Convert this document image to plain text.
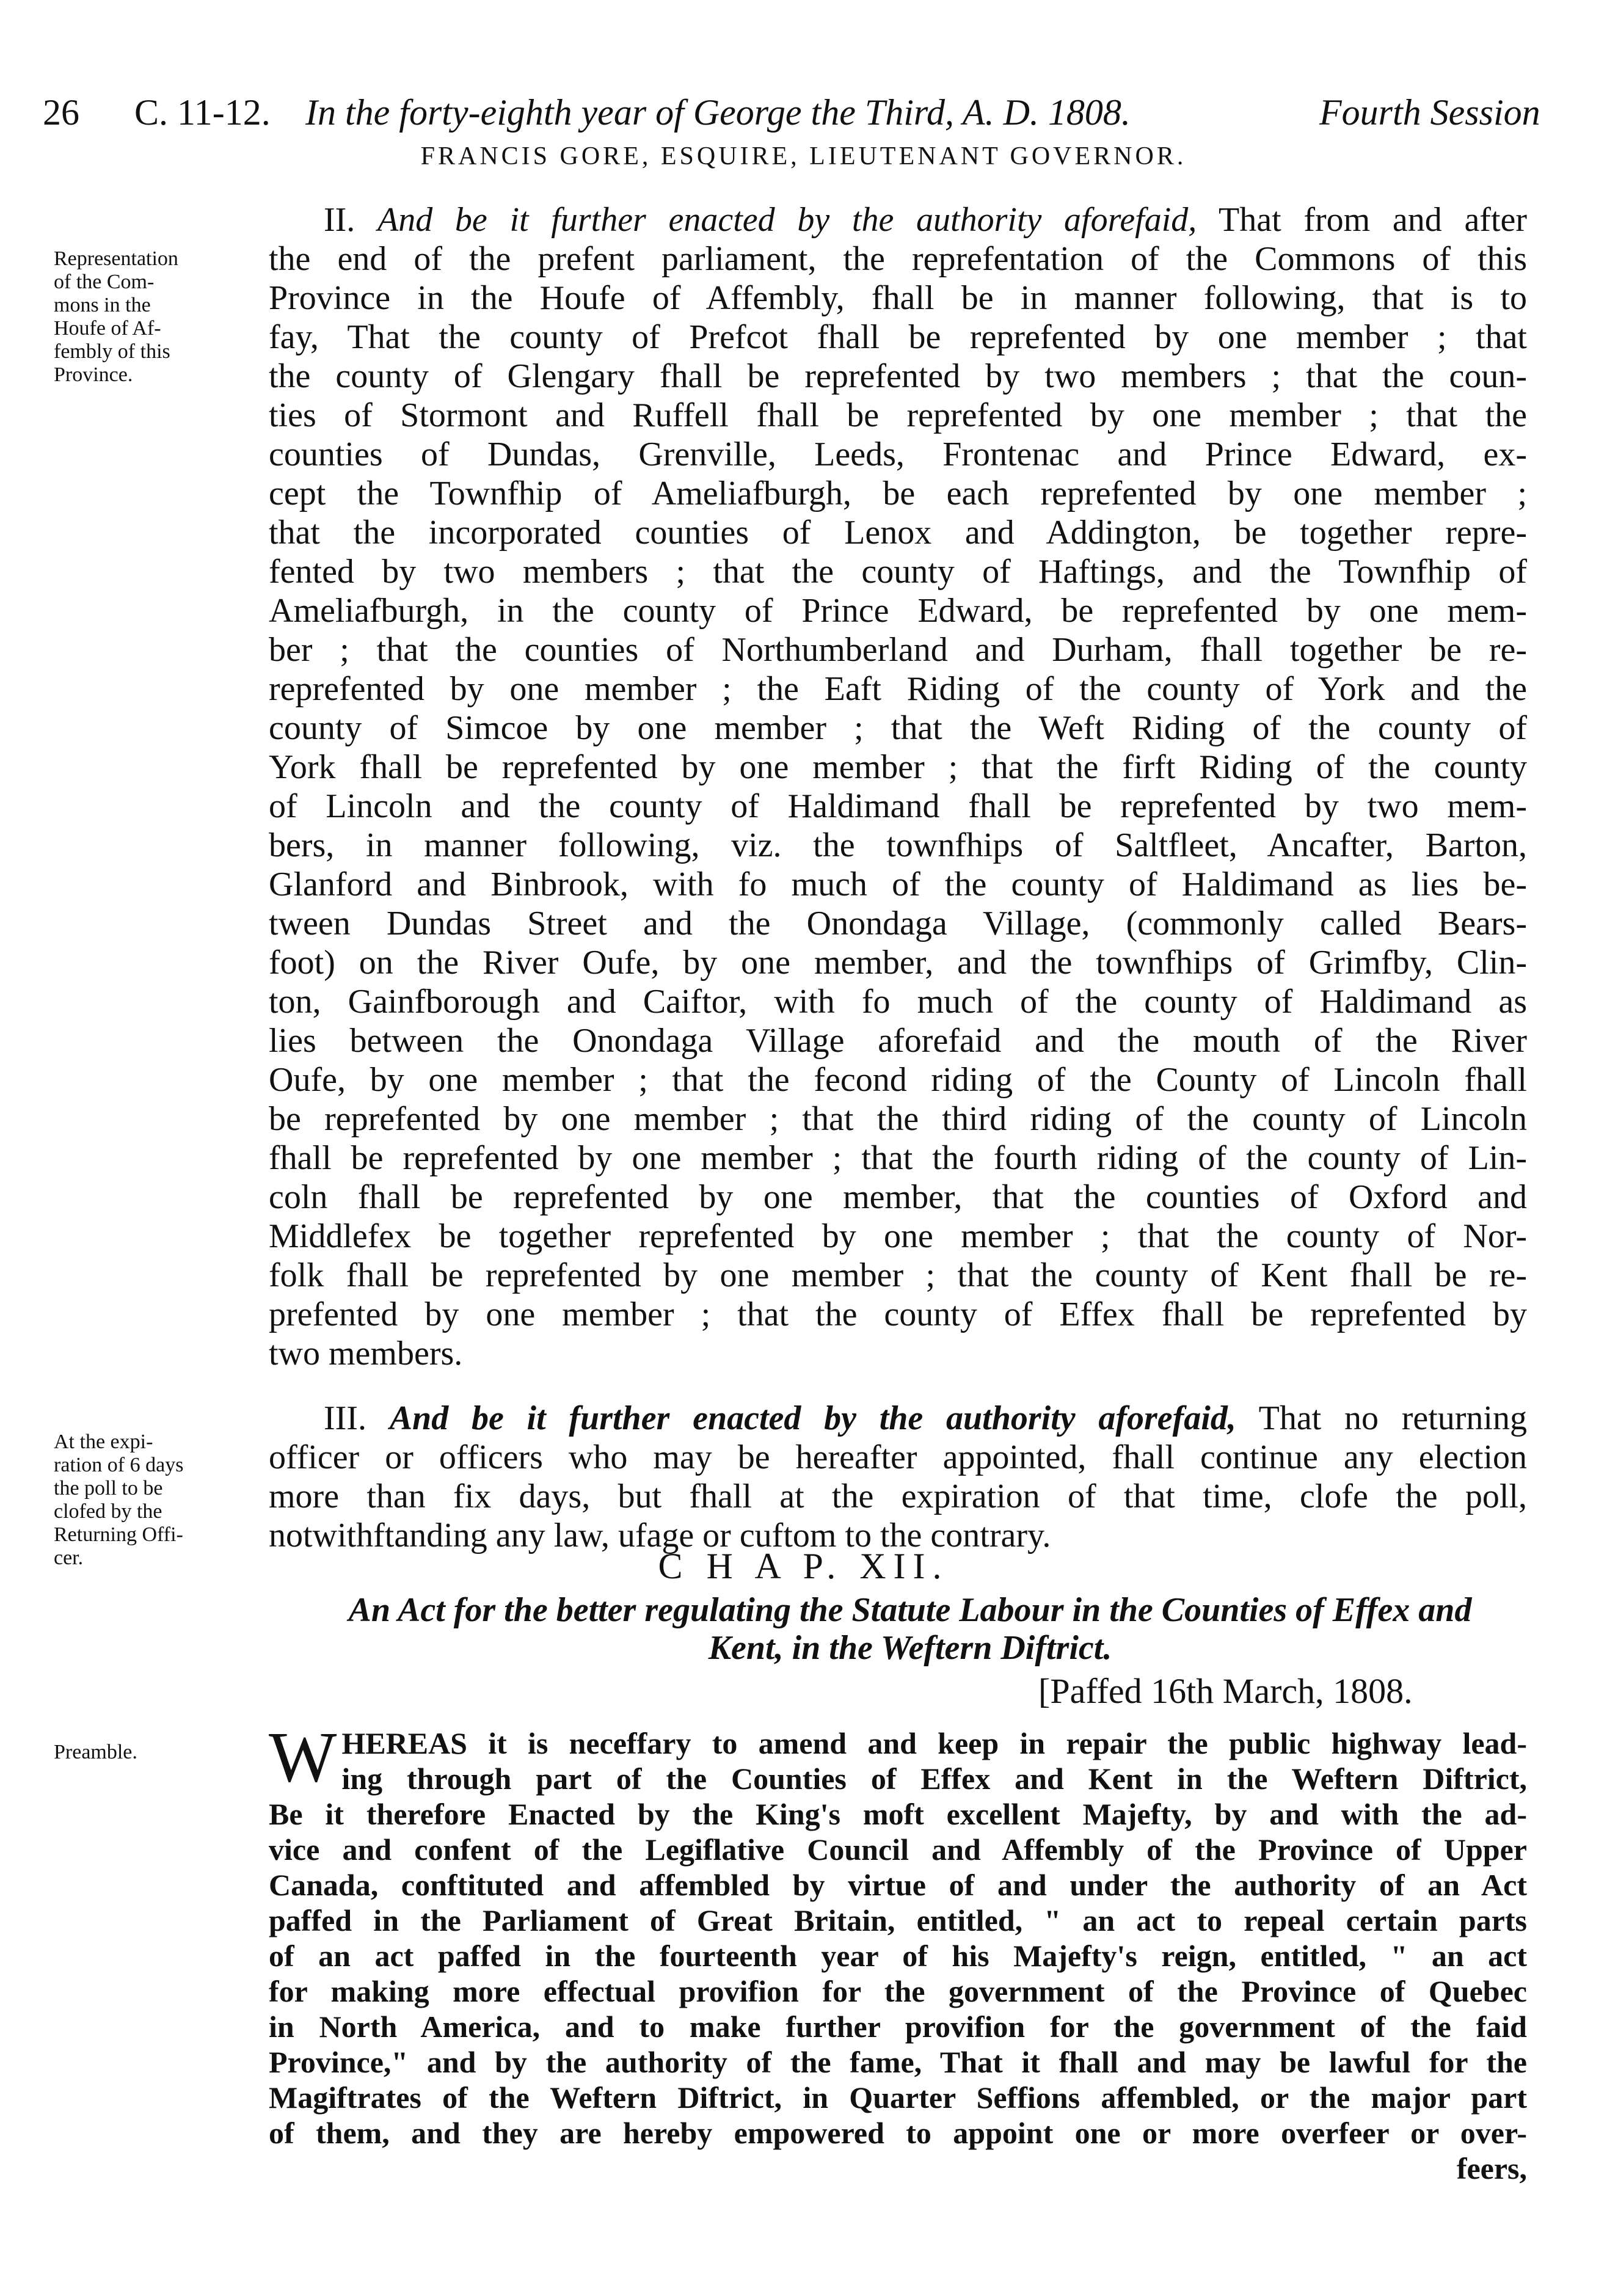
26 C. 11-12. In the forty-eighth year of George the Third, A. D. 1808.	Fourth Session
FRANCIS GORE, ESQUIRE, LIEUTENANT GOVERNOR.
Representation
of the Com-
mons in the
Houfe of Af-
fembly of this
Province.
At the expi-
ration of 6 days
the poll to be
clofed by the
Returning Offi-
cer.
Preamble.
II. And be it further enacted by the authority aforefaid, That from and after
the end of the prefent parliament, the reprefentation of the Commons of this
Province in the Houfe of Affembly, fhall be in manner following, that is to
fay, That the county of Prefcot fhall be reprefented by one member ; that
the county of Glengary fhall be reprefented by two members ; that the coun-
ties of Stormont and Ruffell fhall be reprefented by one member ; that the
counties of Dundas, Grenville, Leeds, Frontenac and Prince Edward, ex-
cept the Townfhip of Ameliafburgh, be each reprefented by one member ;
that the incorporated counties of Lenox and Addington, be together repre-
fented by two members ; that the county of Haftings, and the Townfhip of
Ameliafburgh, in the county of Prince Edward, be reprefented by one mem-
ber ; that the counties of Northumberland and Durham, fhall together be re-
reprefented by one member ; the Eaft Riding of the county of York and the
county of Simcoe by one member ; that the Weft Riding of the county of
York fhall be reprefented by one member ; that the firft Riding of the county
of Lincoln and the county of Haldimand fhall be reprefented by two mem-
bers, in manner following, viz. the townfhips of Saltfleet, Ancafter, Barton,
Glanford and Binbrook, with fo much of the county of Haldimand as lies be-
tween Dundas Street and the Onondaga Village, (commonly called Bears-
foot) on the River Oufe, by one member, and the townfhips of Grimfby, Clin-
ton, Gainfborough and Caiftor, with fo much of the county of Haldimand as
lies between the Onondaga Village aforefaid and the mouth of the River
Oufe, by one member ; that the fecond riding of the County of Lincoln fhall
be reprefented by one member ; that the third riding of the county of Lincoln
fhall be reprefented by one member ; that the fourth riding of the county of Lin-
coln fhall be reprefented by one member, that the counties of Oxford and
Middlefex be together reprefented by one member ; that the county of Nor-
folk fhall be reprefented by one member ; that the county of Kent fhall be re-
prefented by one member ; that the county of Effex fhall be reprefented by
two members.
III. And be it further enacted by the authority aforefaid, That no returning
officer or officers who may be hereafter appointed, fhall continue any election
more than fix days, but fhall at the expiration of that time, clofe the poll,
notwithftanding any law, ufage or cuftom to the contrary.
C H A P. XII.
An Act for the better regulating the Statute Labour in the Counties of Effex and
Kent, in the Weftern Diftrict.
[Paffed 16th March, 1808.
W HEREAS it is neceffary to amend and keep in repair the public highway lead-
ing through part of the Counties of Effex and Kent in the Weftern Diftrict,
Be it therefore Enacted by the King's moft excellent Majefty, by and with the ad-
vice and confent of the Legiflative Council and Affembly of the Province of Upper
Canada, conftituted and affembled by virtue of and under the authority of an Act
paffed in the Parliament of Great Britain, entitled, " an act to repeal certain parts
of an act paffed in the fourteenth year of his Majefty's reign, entitled, " an act
for making more effectual provifion for the government of the Province of Quebec
in North America, and to make further provifion for the government of the faid
Province," and by the authority of the fame, That it fhall and may be lawful for the
Magiftrates of the Weftern Diftrict, in Quarter Seffions affembled, or the major part
of them, and they are hereby empowered to appoint one or more overfeer or over-
feers,
